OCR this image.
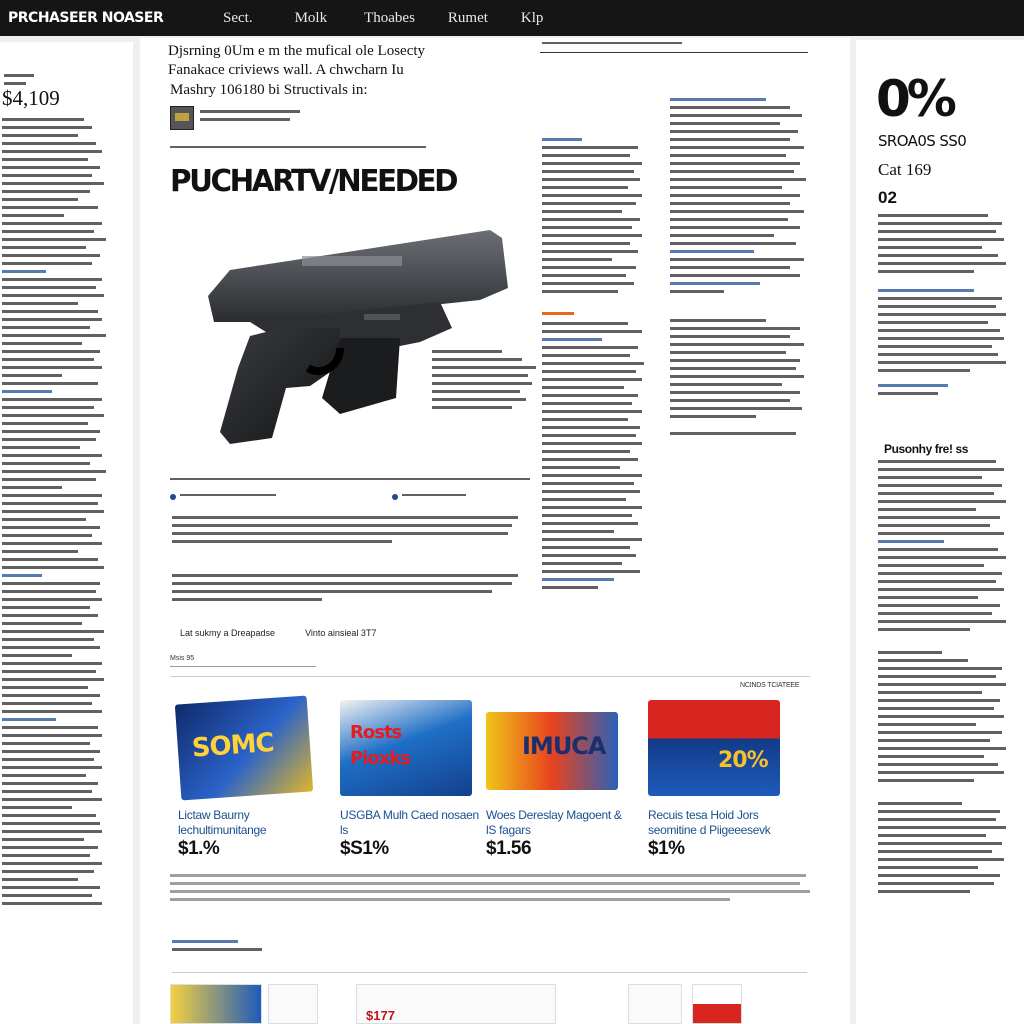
PRCHASEER NOASER	Sect.	Molk Thoabes Rumet Klp
$4,109
Djsrning 0Um e m the mufical ole Losecty Fanakace criviews wall. A chwcharn Iu
Mashry 106180 bi Structivals in:
PUCHARTV/NEEDED
Lat sukmy a Dreapadse	Vinto ainsieal 3T7
Msis 95
NCINDS TCIATEEE
SOMC
Lictaw Baurny lechultimunitange
$1.%
Rosts Pioxks
USGBA Mulh Caed nosaen ls
$S1%
IMUCA
Woes Dereslay Magoent & lS fagars
$1.56
20%
Recuis tesa Hoid Jors seomitine d Piigeeesevk
$1%
$177
0%
SROA0S SS0
Cat 169
02
Pusonhy fre! ss
